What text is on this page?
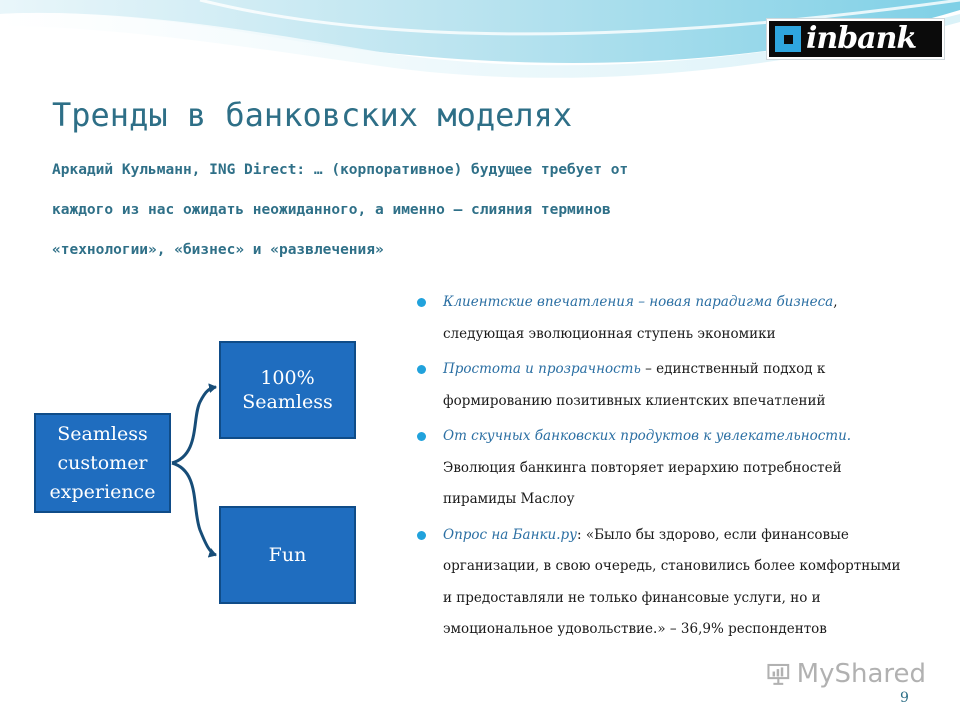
inbank
Тренды в банковских моделях
Аркадий Кульманн, ING Direct: … (корпоративное) будущее требует от
каждого из нас ожидать неожиданного, а именно – слияния терминов
«технологии», «бизнес» и «развлечения»
Seamless customer experience
100% Seamless
Fun
Клиентские впечатления – новая парадигма бизнеса, следующая эволюционная ступень экономики
Простота и прозрачность – единственный подход к формированию позитивных клиентских впечатлений
От скучных банковских продуктов к увлекательности. Эволюция банкинга повторяет иерархию потребностей пирамиды Маслоу
Опрос на Банки.ру: «Было бы здорово, если финансовые организации, в свою очередь, становились более комфортными и предоставляли не только финансовые услуги, но и эмоциональное удовольствие.» – 36,9% респондентов
MyShared
9
